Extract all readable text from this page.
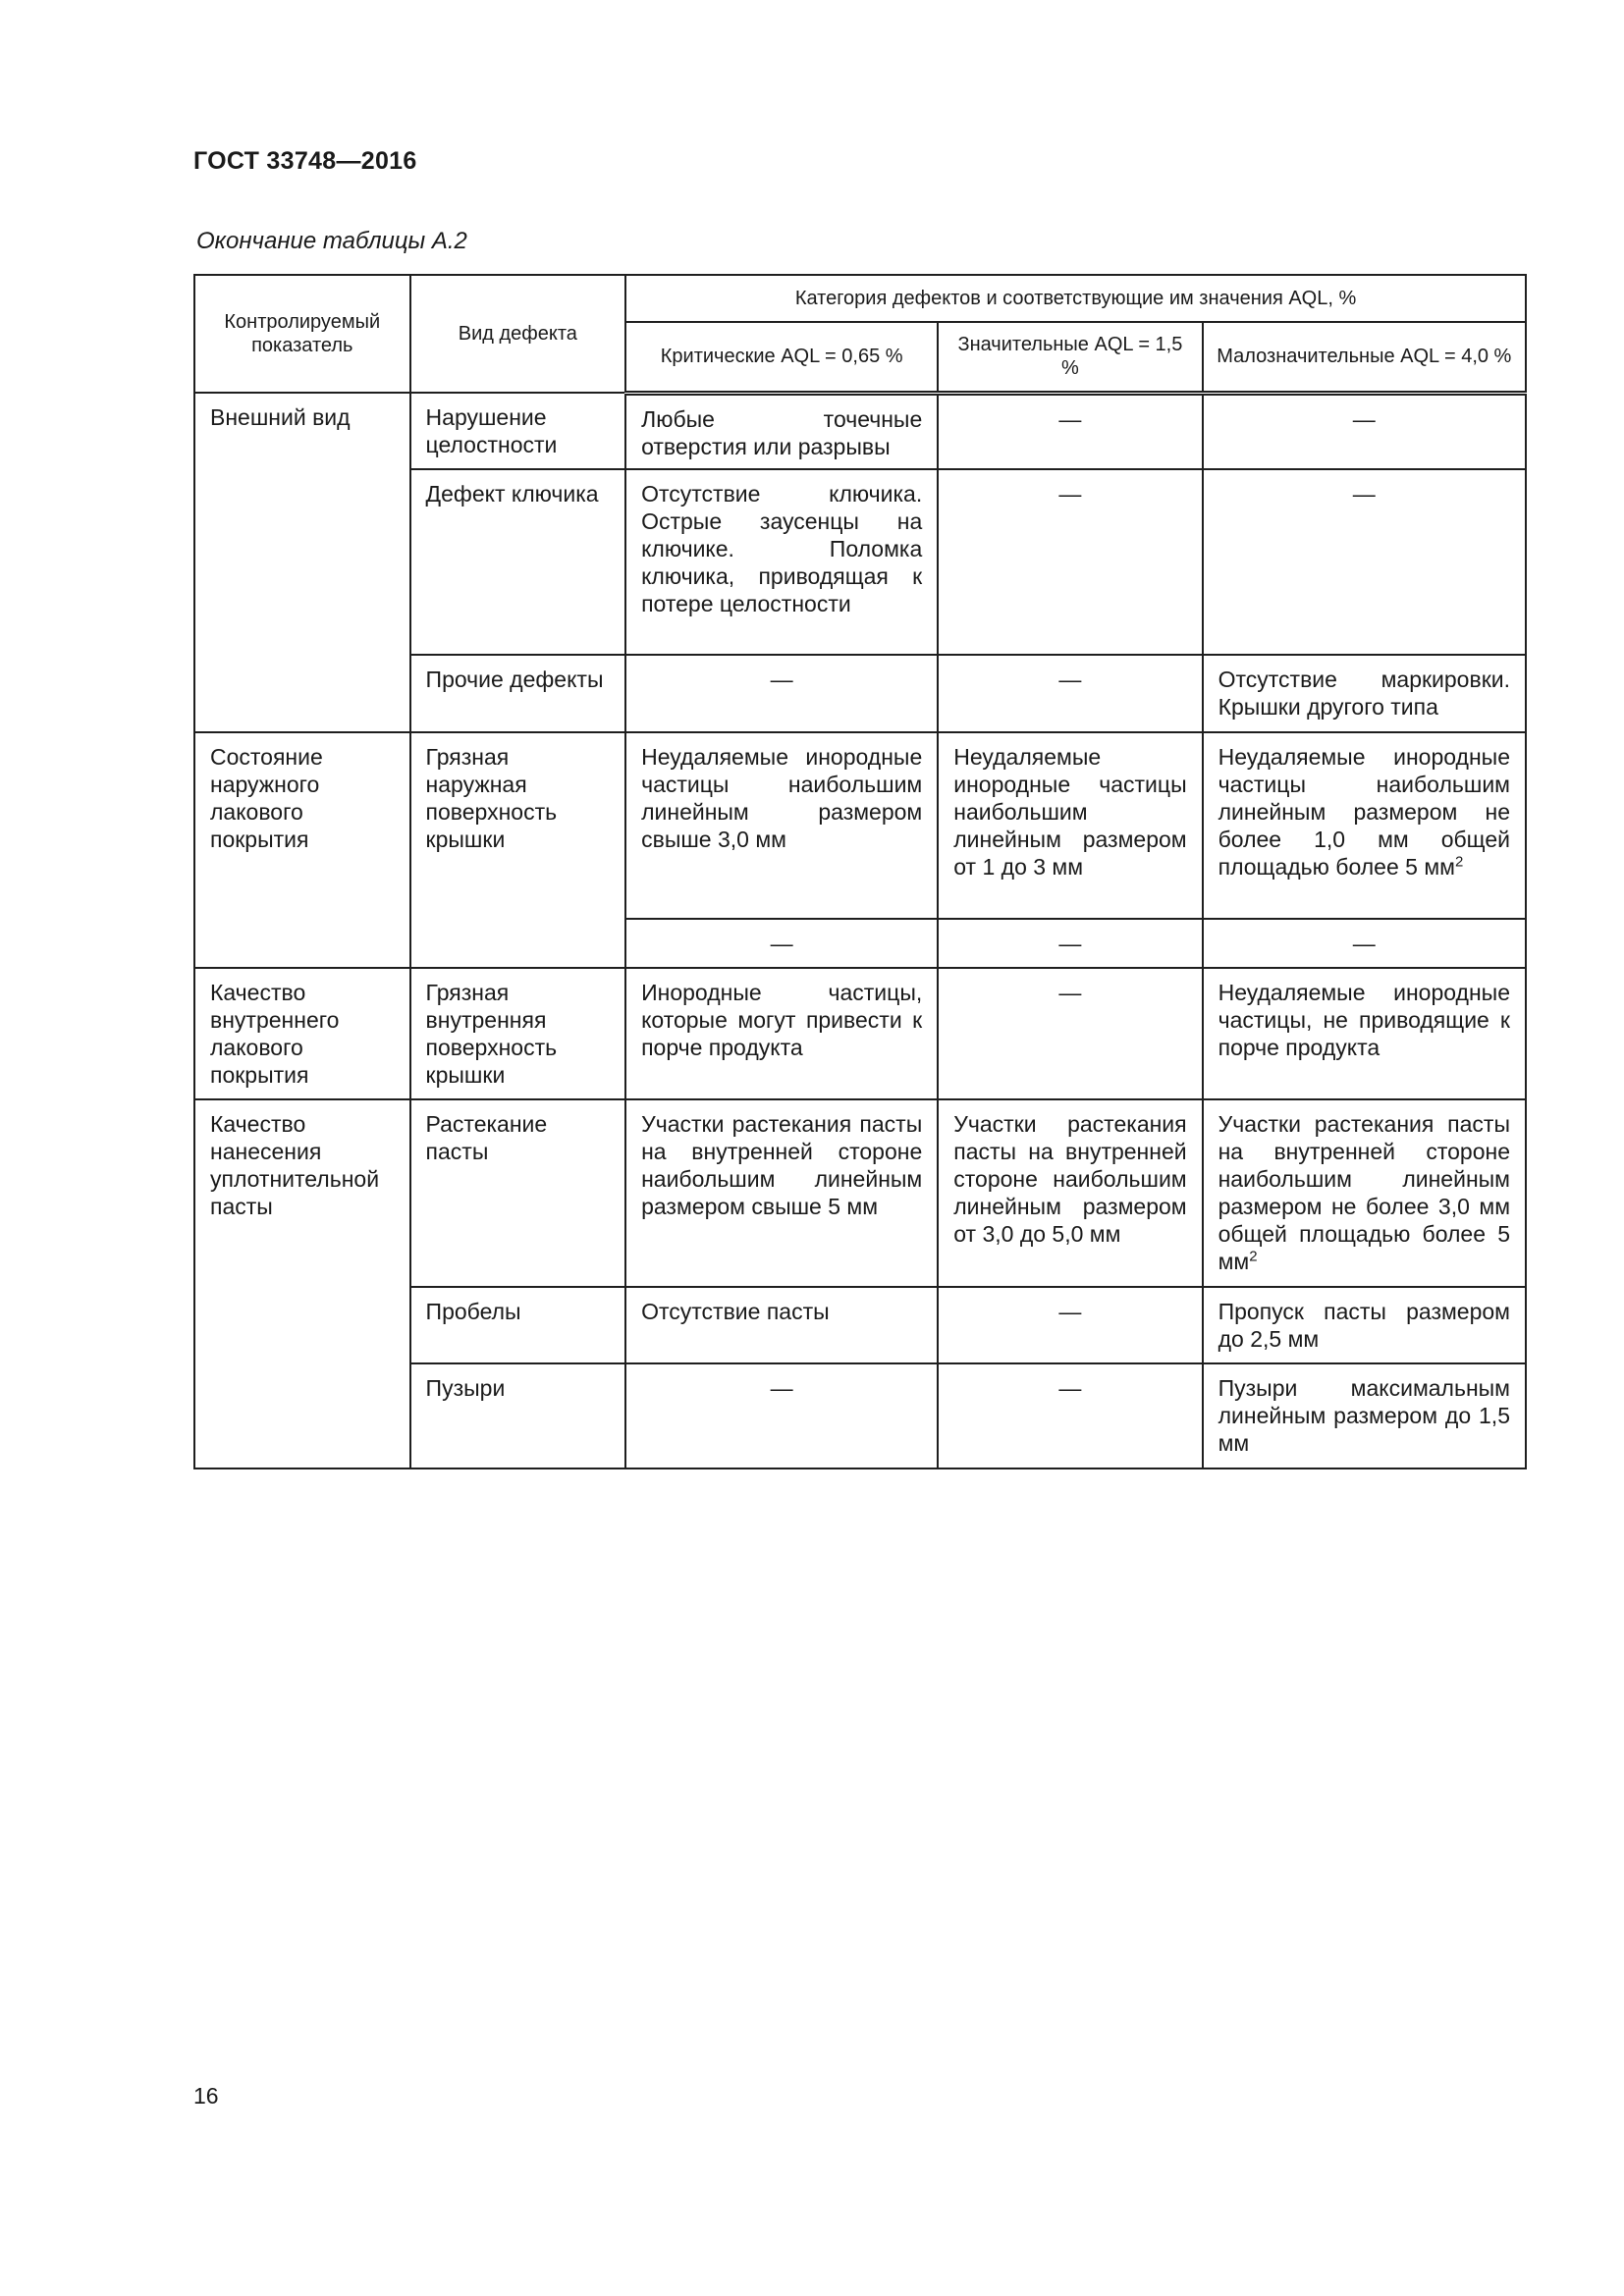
ГОСТ 33748—2016
Окончание таблицы А.2
Контролируемый показатель	Вид дефекта	Категория дефектов и соответствующие им значения AQL, %		
		Критические AQL = 0,65 %	Значительные AQL = 1,5 %	Малозначительные AQL = 4,0 %
Внешний вид	Нарушение целостности	Любые точечные отверстия или разрывы	—	—
	Дефект ключика	Отсутствие ключика. Острые заусенцы на ключике. Поломка ключика, приводящая к потере целостности	—	—
	Прочие дефекты	—	—	Отсутствие маркировки. Крышки другого типа
Состояние наружного лакового покрытия	Грязная наружная поверхность крышки	Неудаляемые инородные частицы наибольшим линейным размером свыше 3,0 мм	Неудаляемые инородные частицы наибольшим линейным размером от 1 до 3 мм	Неудаляемые инородные частицы наибольшим линейным размером не более 1,0 мм общей площадью более 5 $мм^2$
		—	—	—
Качество внутреннего лакового покрытия	Грязная внутренняя поверхность крышки	Инородные частицы, которые могут привести к порче продукта	—	Неудаляемые инородные частицы, не приводящие к порче продукта
Качество нанесения уплотнительной пасты	Растекание пасты	Участки растекания пасты на внутренней стороне наибольшим линейным размером свыше 5 мм	Участки растекания пасты на внутренней стороне наибольшим линейным размером от 3,0 до 5,0 мм	Участки растекания пасты на внутренней стороне наибольшим линейным размером не более 3,0 мм общей площадью более 5 $мм^2$
	Пробелы	Отсутствие пасты	—	Пропуск пасты размером до 2,5 мм
	Пузыри	—	—	Пузыри максимальным линейным размером до 1,5 мм
16
